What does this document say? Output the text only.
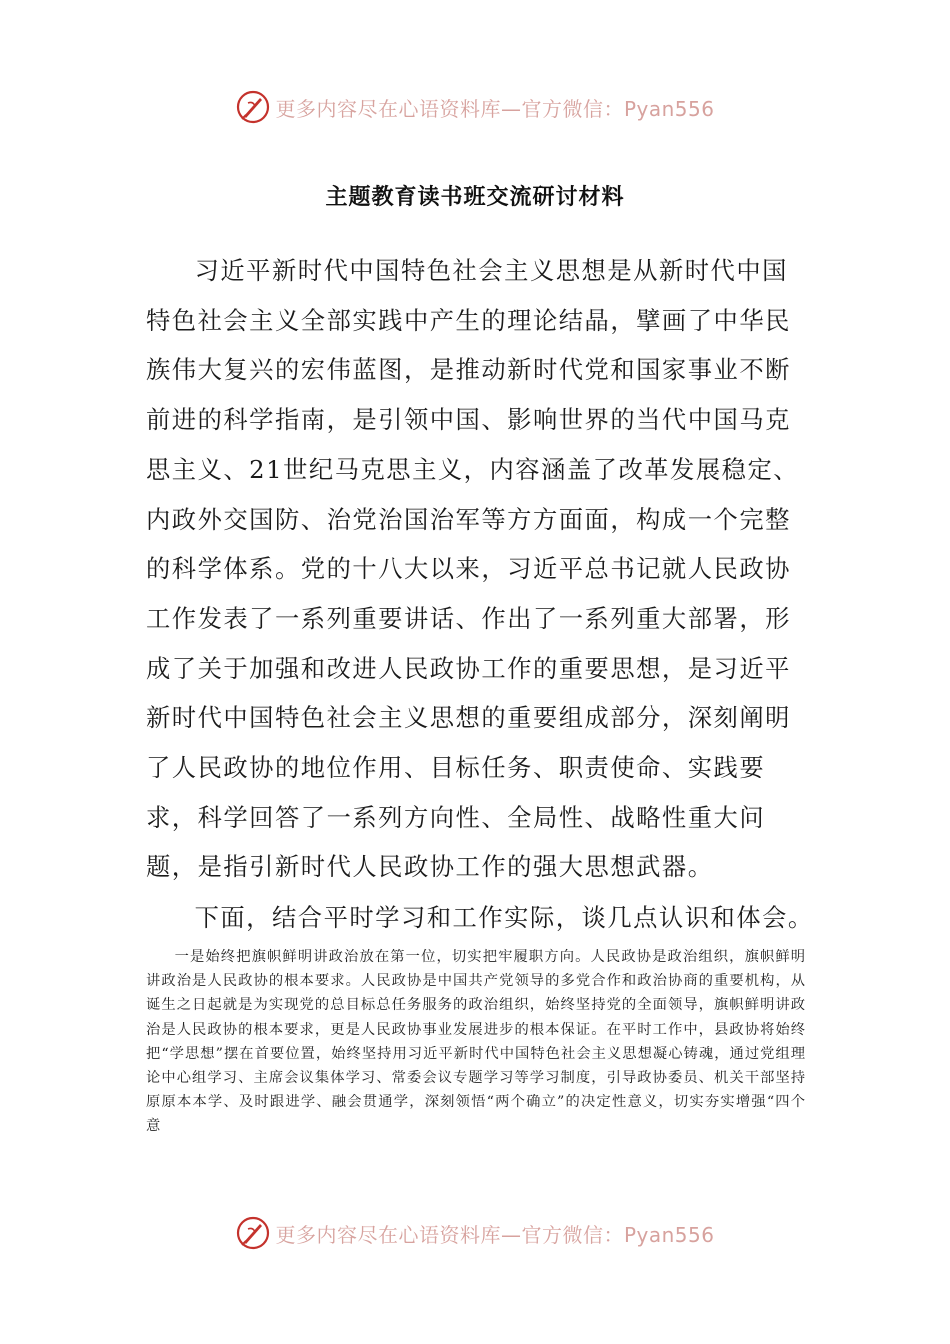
更多内容尽在心语资料库—官方微信：Pyan556
主题教育读书班交流研讨材料

习近平新时代中国特色社会主义思想是从新时代中国特色社会主义全部实践中产生的理论结晶，擘画了中华民族伟大复兴的宏伟蓝图，是推动新时代党和国家事业不断前进的科学指南，是引领中国、影响世界的当代中国马克思主义、21世纪马克思主义，内容涵盖了改革发展稳定、内政外交国防、治党治国治军等方方面面，构成一个完整的科学体系。党的十八大以来，习近平总书记就人民政协工作发表了一系列重要讲话、作出了一系列重大部署，形成了关于加强和改进人民政协工作的重要思想，是习近平新时代中国特色社会主义思想的重要组成部分，深刻阐明了人民政协的地位作用、目标任务、职责使命、实践要求，科学回答了一系列方向性、全局性、战略性重大问题，是指引新时代人民政协工作的强大思想武器。

下面，结合平时学习和工作实际，谈几点认识和体会。

一是始终把旗帜鲜明讲政治放在第一位，切实把牢履职方向。人民政协是政治组织，旗帜鲜明讲政治是人民政协的根本要求。人民政协是中国共产党领导的多党合作和政治协商的重要机构，从诞生之日起就是为实现党的总目标总任务服务的政治组织，始终坚持党的全面领导，旗帜鲜明讲政治是人民政协的根本要求，更是人民政协事业发展进步的根本保证。在平时工作中，县政协将始终把“学思想”摆在首要位置，始终坚持用习近平新时代中国特色社会主义思想凝心铸魂，通过党组理论中心组学习、主席会议集体学习、常委会议专题学习等学习制度，引导政协委员、机关干部坚持原原本本学、及时跟进学、融会贯通学，深刻领悟“两个确立”的决定性意义，切实夯实增强“四个意

更多内容尽在心语资料库—官方微信：Pyan556
